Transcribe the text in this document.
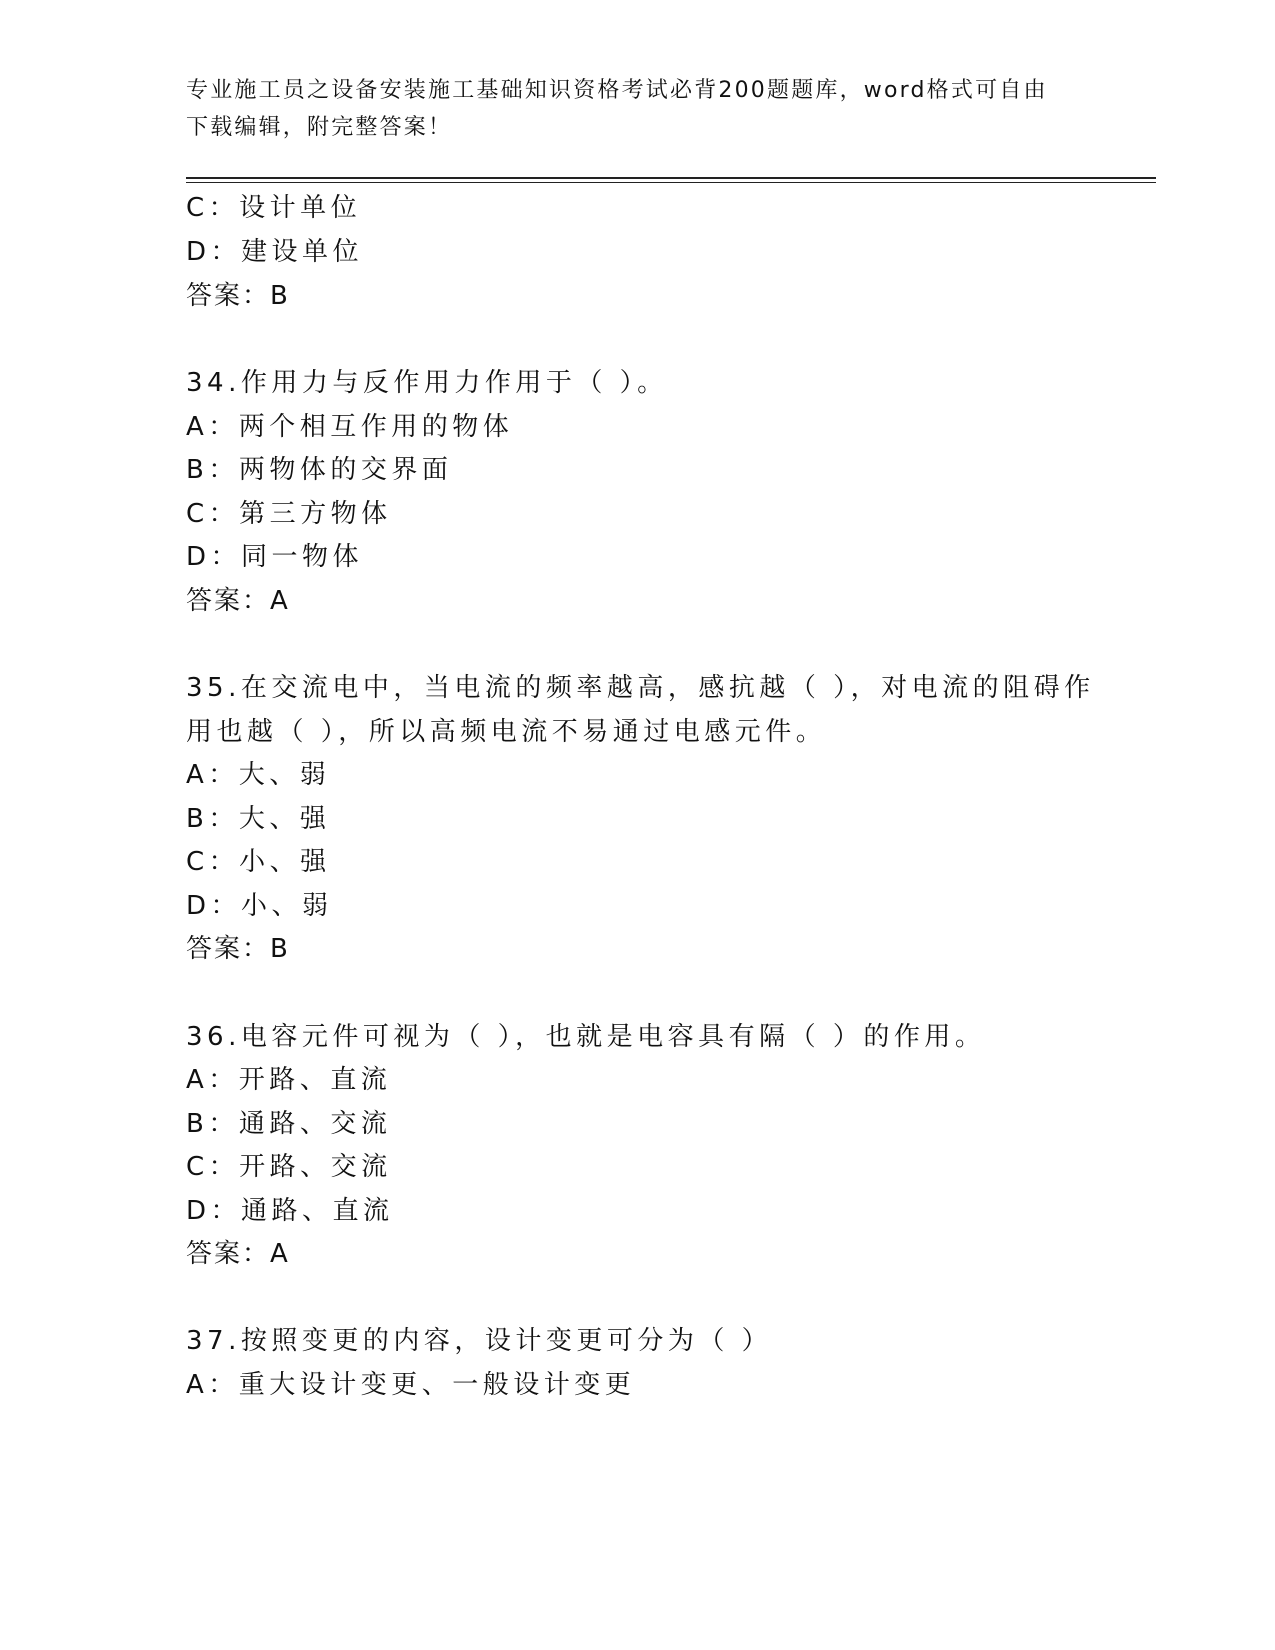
专业施工员之设备安装施工基础知识资格考试必背200题题库，word格式可自由
下载编辑，附完整答案！
C：设计单位
D：建设单位
答案：B
34.作用力与反作用力作用于（ ）。
A：两个相互作用的物体
B：两物体的交界面
C：第三方物体
D：同一物体
答案：A
35.在交流电中，当电流的频率越高，感抗越（ ），对电流的阻碍作
用也越（ ），所以高频电流不易通过电感元件。
A：大、弱
B：大、强
C：小、强
D：小、弱
答案：B
36.电容元件可视为（ ），也就是电容具有隔（ ）的作用。
A：开路、直流
B：通路、交流
C：开路、交流
D：通路、直流
答案：A
37.按照变更的内容，设计变更可分为（ ）
A：重大设计变更、一般设计变更
